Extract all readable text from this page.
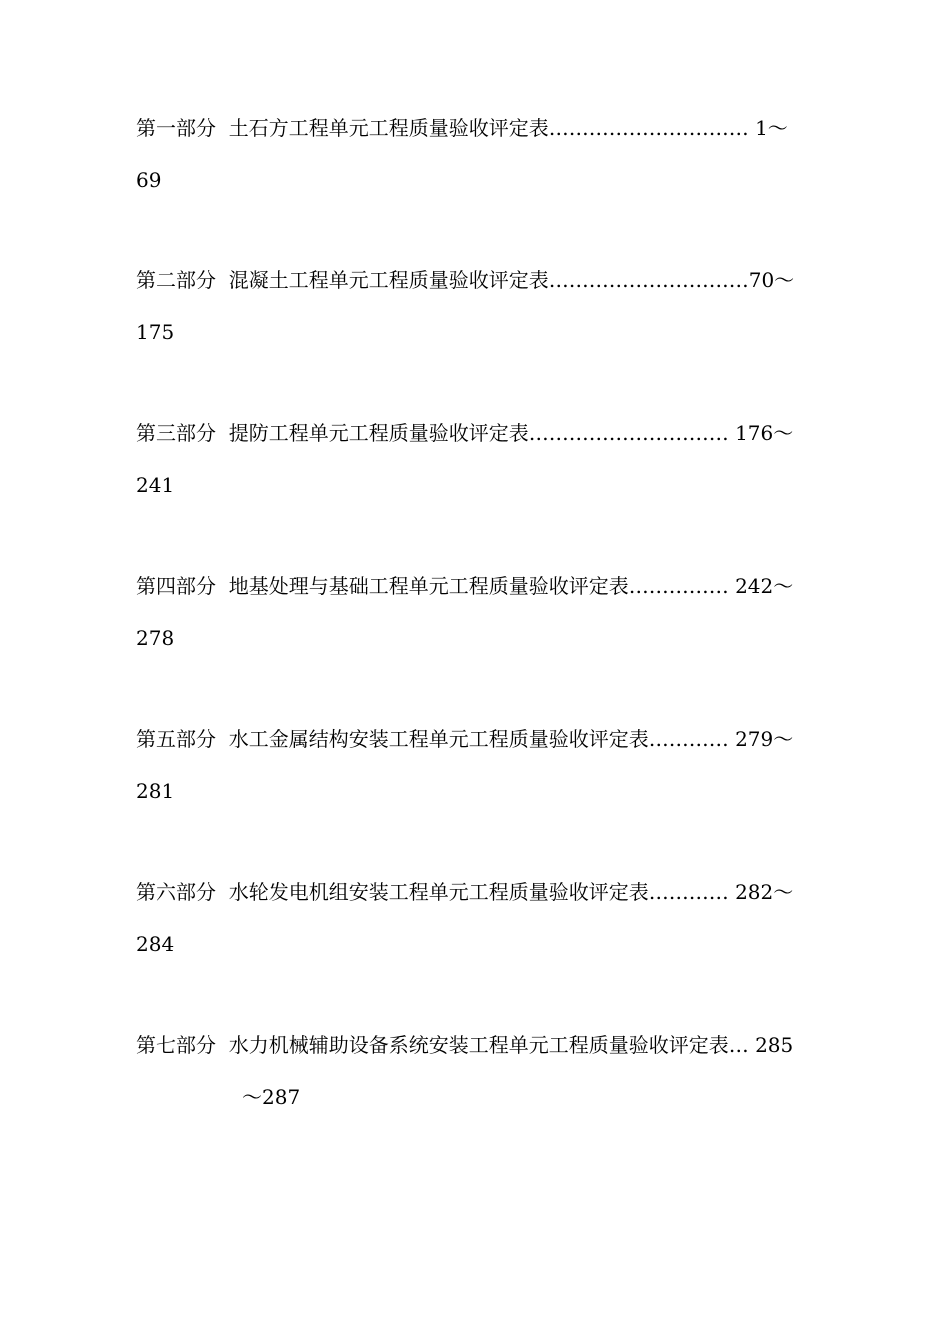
第一部分  土石方工程单元工程质量验收评定表………………………… 1～
69
第二部分  混凝土工程单元工程质量验收评定表…………………………70～
175
第三部分  提防工程单元工程质量验收评定表………………………… 176～
241
第四部分  地基处理与基础工程单元工程质量验收评定表…………… 242～
278
第五部分  水工金属结构安装工程单元工程质量验收评定表………… 279～
281
第六部分  水轮发电机组安装工程单元工程质量验收评定表………… 282～
284
第七部分  水力机械辅助设备系统安装工程单元工程质量验收评定表… 285
～287
